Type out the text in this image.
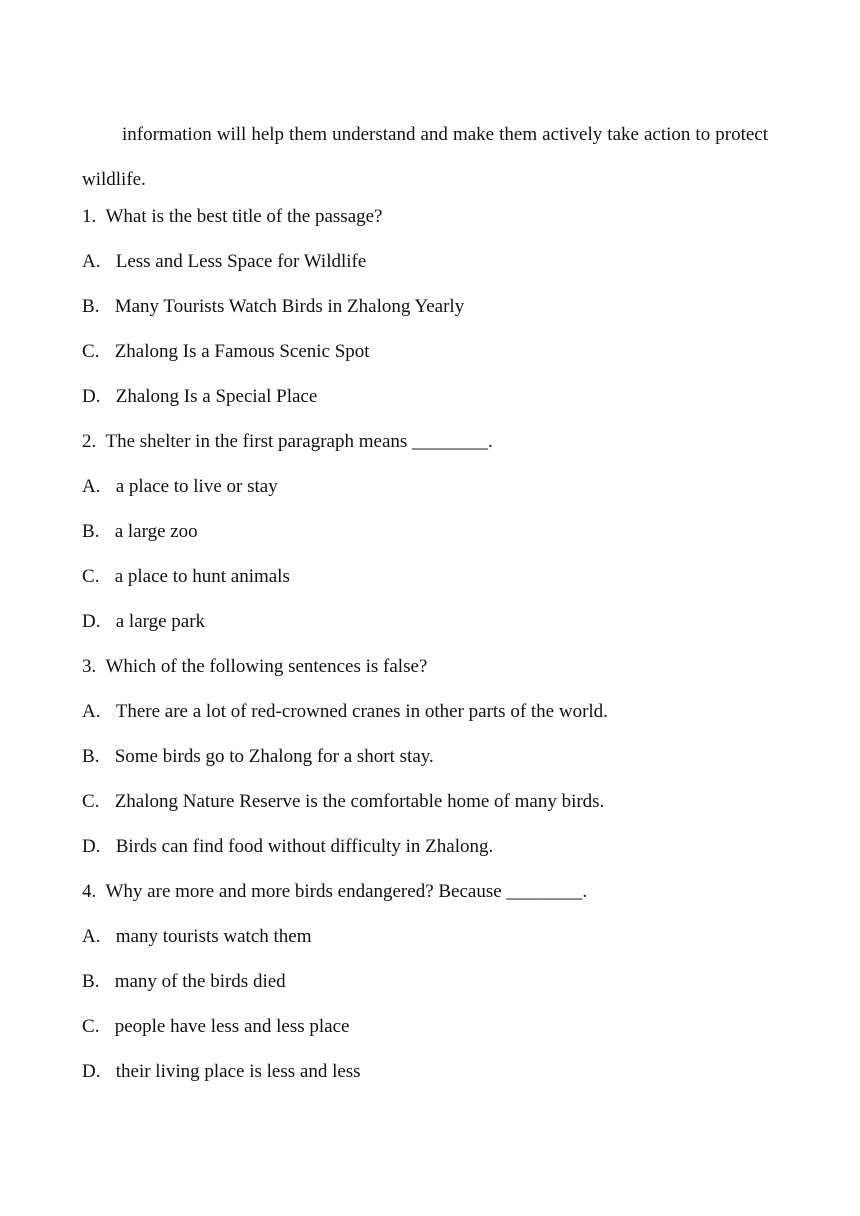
information will help them understand and make them actively take action to protect wildlife.

1. What is the best title of the passage?
A. Less and Less Space for Wildlife
B. Many Tourists Watch Birds in Zhalong Yearly
C. Zhalong Is a Famous Scenic Spot
D. Zhalong Is a Special Place
2. The shelter in the first paragraph means ________.
A. a place to live or stay
B. a large zoo
C. a place to hunt animals
D. a large park
3. Which of the following sentences is false?
A. There are a lot of red-crowned cranes in other parts of the world.
B. Some birds go to Zhalong for a short stay.
C. Zhalong Nature Reserve is the comfortable home of many birds.
D. Birds can find food without difficulty in Zhalong.
4. Why are more and more birds endangered? Because ________.
A. many tourists watch them
B. many of the birds died
C. people have less and less place
D. their living place is less and less
